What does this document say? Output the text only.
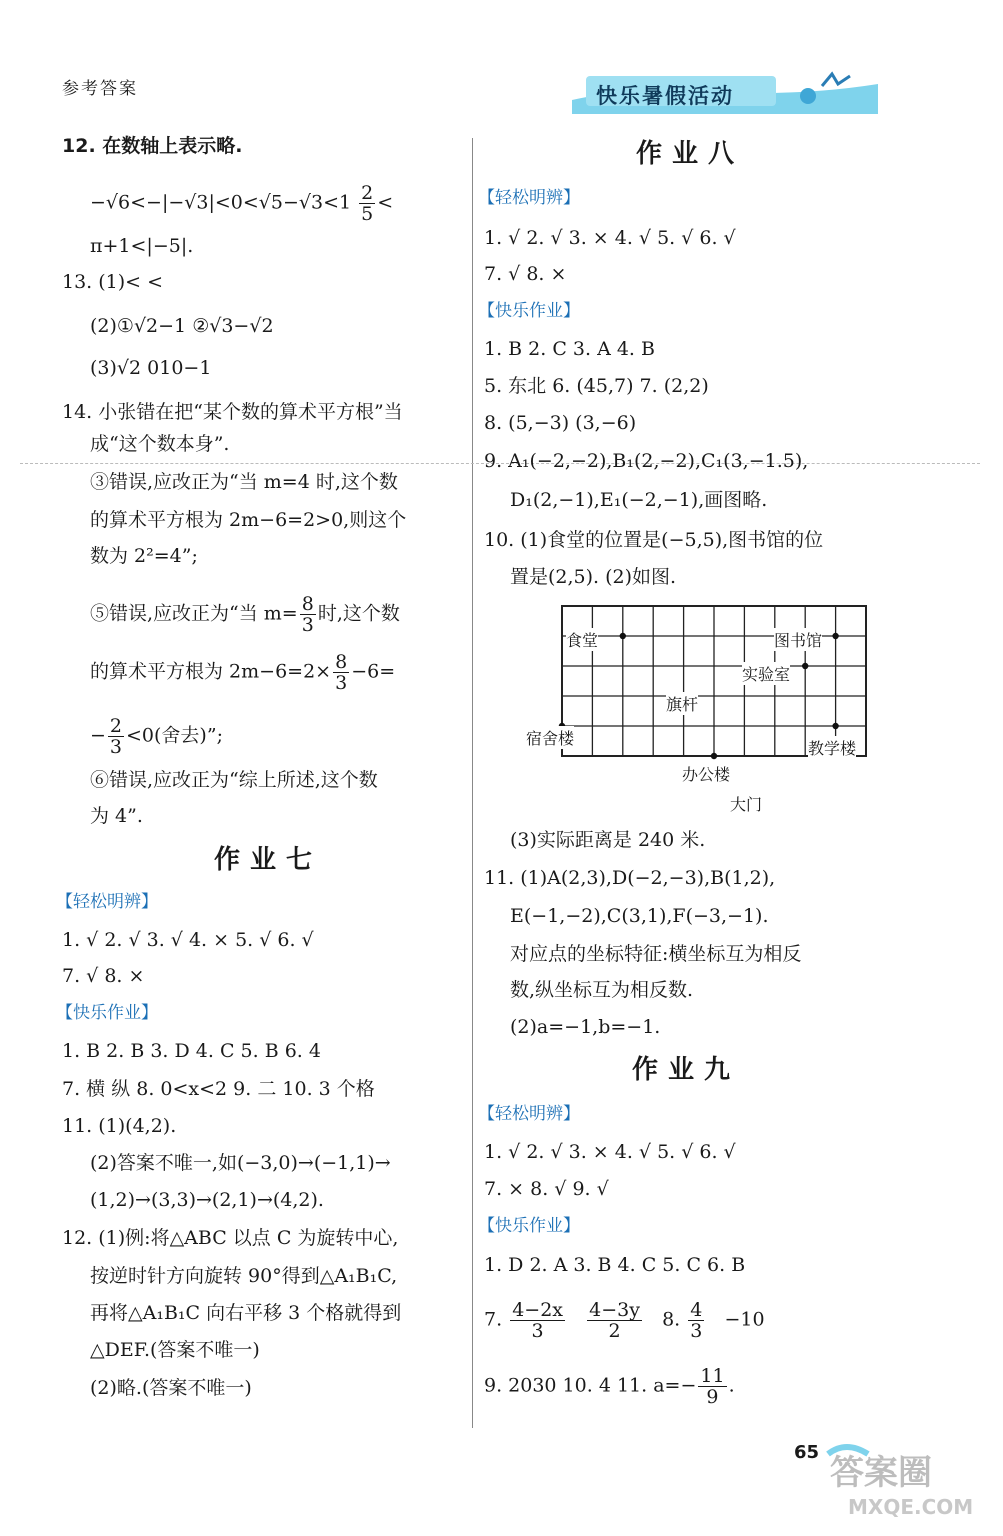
参考答案	快乐暑假活动
12. 在数轴上表示略.
$-√6<-|-√3|<0<√5-√3<1 \frac{2}{5}$ <
π+1<|−5|.
13. (1)< <
(2)①√2−1 ②√3−√2
(3)√2 010−1
14. 小张错在把“某个数的算术平方根”当
成“这个数本身”.
③错误,应改正为“当 m=4 时,这个数
的算术平方根为 2m−6=2>0,则这个
数为 2²=4”;
⑤错误,应改正为“当 $m= \frac{8}{3}$ 时,这个数
的算术平方根为 $2m-6=2\times \frac{8}{3} -6=$
− $\frac{2}{3} <0$(舍去)”;
⑥错误,应改正为“综上所述,这个数
为 4”.
作业七
【轻松明辨】
1. √ 2. √ 3. √ 4. × 5. √ 6. √
7. √ 8. ×
【快乐作业】
1. B 2. B 3. D 4. C 5. B 6. 4
7. 横 纵 8. 0<x<2 9. 二 10. 3 个格
11. (1)(4,2).
(2)答案不唯一,如(−3,0)→(−1,1)→
(1,2)→(3,3)→(2,1)→(4,2).
12. (1)例:将△ABC 以点 C 为旋转中心,
按逆时针方向旋转 90°得到△A₁B₁C,
再将△A₁B₁C 向右平移 3 个格就得到
△DEF.(答案不唯一)
(2)略.(答案不唯一)
作业八
【轻松明辨】
1. √ 2. √ 3. × 4. √ 5. √ 6. √
7. √ 8. ×
【快乐作业】
1. B 2. C 3. A 4. B
5. 东北 6. (45,7) 7. (2,2)
8. (5,−3) (3,−6)
9. A₁(−2,−2),B₁(2,−2),C₁(3,−1.5),
D₁(2,−1),E₁(−2,−1),画图略.
10. (1)食堂的位置是(−5,5),图书馆的位
置是(2,5). (2)如图.
食堂	图书馆
实验室
旗杆
宿舍楼
教学楼
办公楼
大门
(3)实际距离是 240 米.
11. (1)A(2,3),D(−2,−3),B(1,2),
E(−1,−2),C(3,1),F(−3,−1).
对应点的坐标特征:横坐标互为相反
数,纵坐标互为相反数.
(2)a=−1,b=−1.
作业九
【轻松明辨】
1. √ 2. √ 3. × 4. √ 5. √ 6. √
7. × 8. √ 9. √
【快乐作业】
1. D 2. A 3. B 4. C 5. C 6. B
7. $\frac{4-2x}{3}$
$\frac{4-3y}{2} 8$. $\frac{4}{3} -10$
9. 2030 10. 4 11. $a=- \frac{11}{9}$ .
65
答案圈
MXQE.COM
